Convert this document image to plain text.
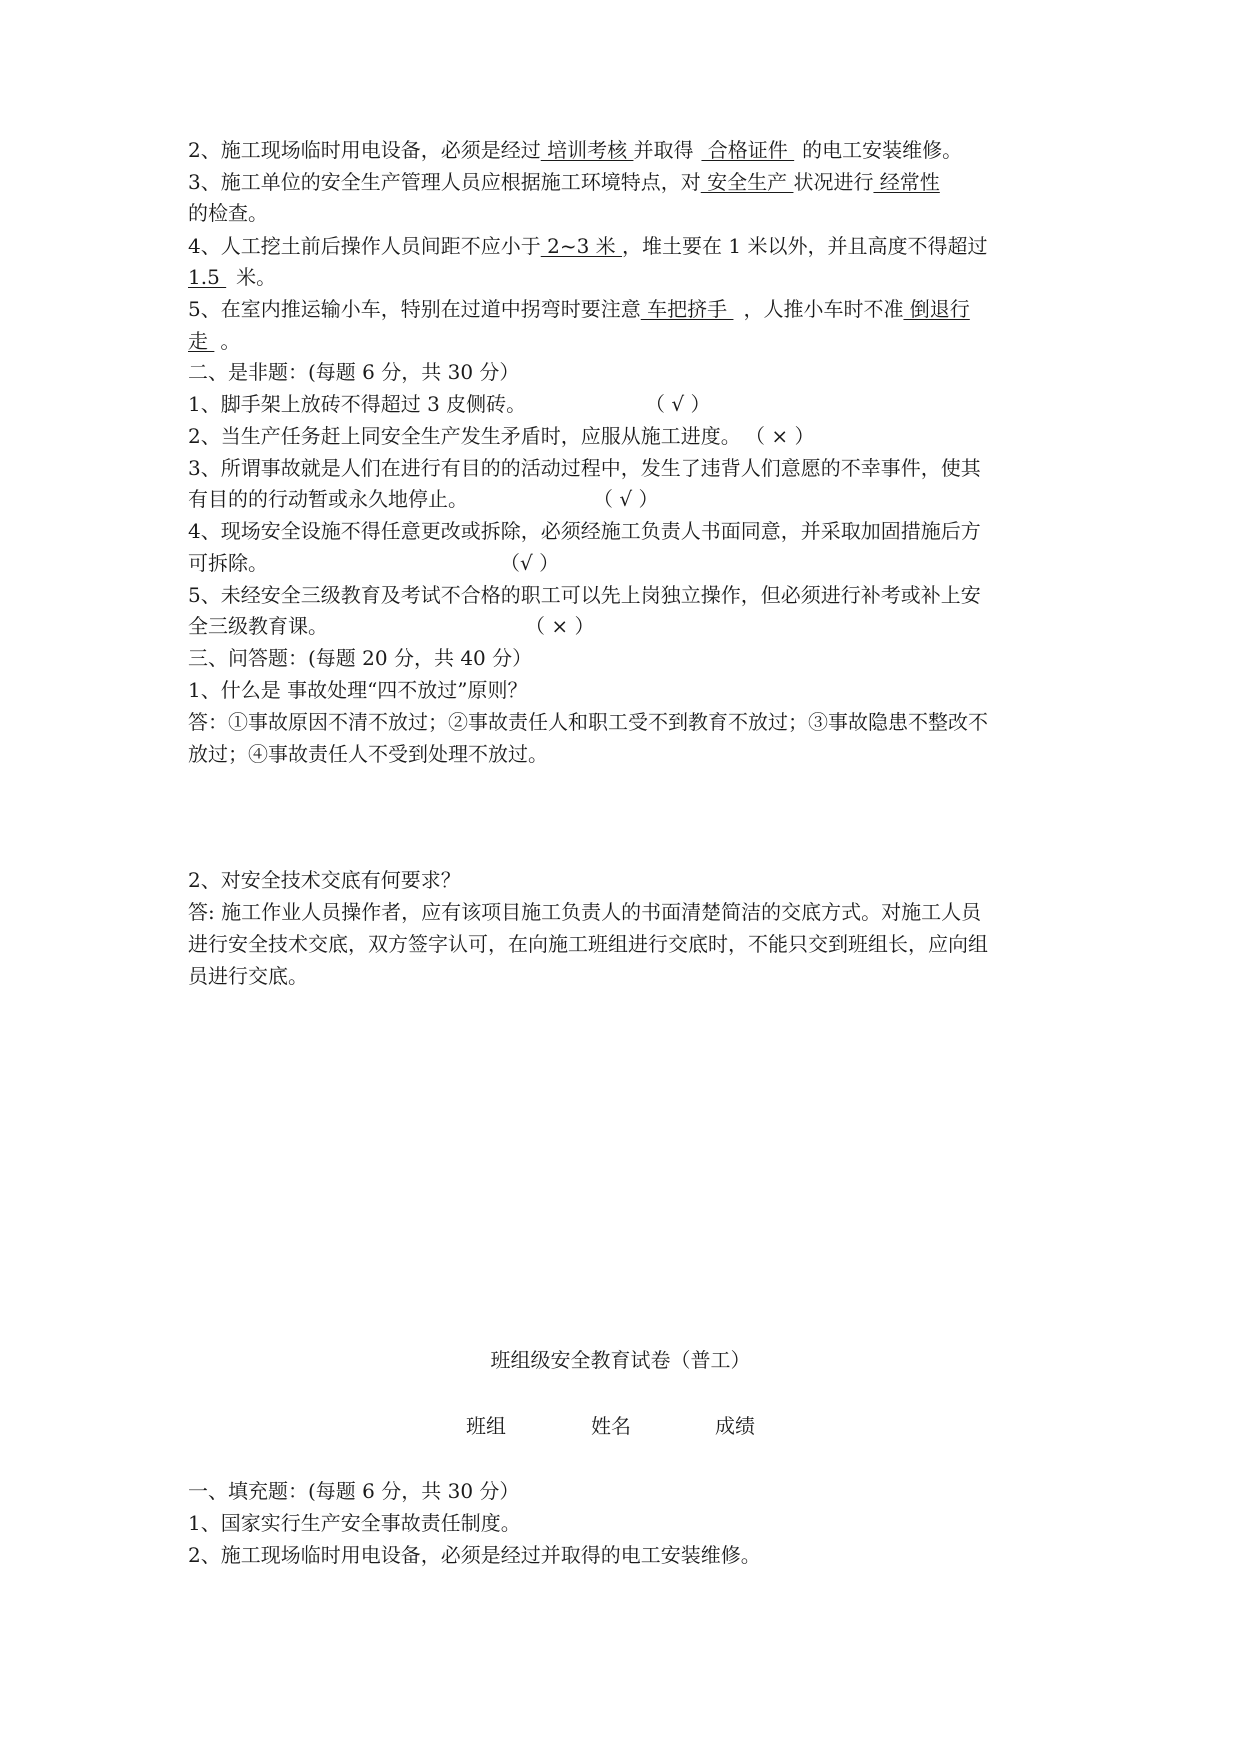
2、施工现场临时用电设备，必须是经过 培训考核 并取得 合格证件 的电工安装维修。
3、施工单位的安全生产管理人员应根据施工环境特点，对 安全生产 状况进行 经常性
的检查。
4、人工挖土前后操作人员间距不应小于 2~3 米 ，堆土要在 1 米以外，并且高度不得超过
1.5 米。
5、在室内推运输小车，特别在过道中拐弯时要注意 车把挤手 ，人推小车时不准 倒退行
走 。
二、是非题：(每题 6 分，共 30 分）
1、脚手架上放砖不得超过 3 皮侧砖。	（ √ ）
2、当生产任务赶上同安全生产发生矛盾时，应服从施工进度。 （ × ）
3、所谓事故就是人们在进行有目的的活动过程中，发生了违背人们意愿的不幸事件，使其
有目的的行动暂或永久地停止。	（ √ ）
4、现场安全设施不得任意更改或拆除，必须经施工负责人书面同意，并采取加固措施后方
可拆除。	（√ ）
5、未经安全三级教育及考试不合格的职工可以先上岗独立操作，但必须进行补考或补上安
全三级教育课。	（ × ）
三、问答题：(每题 20 分，共 40 分）
1、什么是 事故处理“四不放过”原则？
答：①事故原因不清不放过；②事故责任人和职工受不到教育不放过；③事故隐患不整改不
放过；④事故责任人不受到处理不放过。
2、对安全技术交底有何要求？
答: 施工作业人员操作者，应有该项目施工负责人的书面清楚简洁的交底方式。对施工人员
进行安全技术交底，双方签字认可，在向施工班组进行交底时，不能只交到班组长，应向组
员进行交底。
班组级安全教育试卷（普工）
班组	姓名	成绩
一、填充题：(每题 6 分，共 30 分）
1、国家实行生产安全事故责任制度。
2、施工现场临时用电设备，必须是经过并取得的电工安装维修。
